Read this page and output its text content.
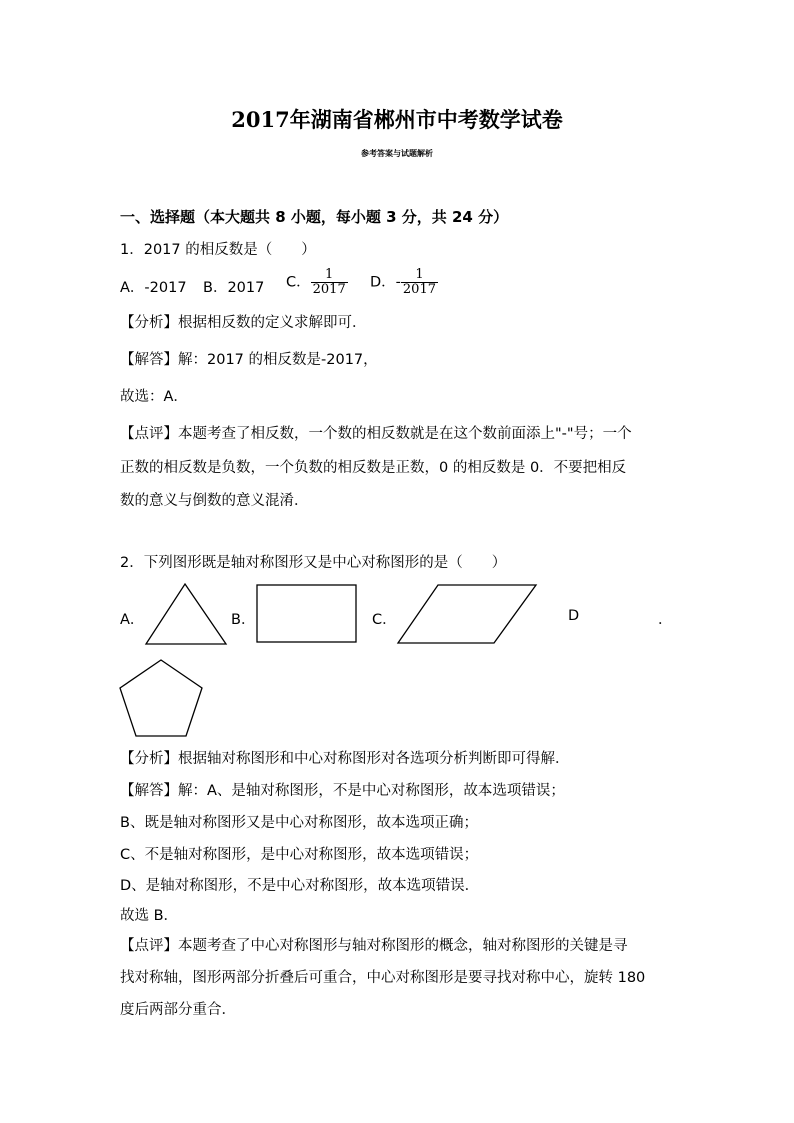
2017年湖南省郴州市中考数学试卷
参考答案与试题解析
一、选择题（本大题共 8 小题，每小题 3 分，共 24 分）
1．2017 的相反数是（　　）
A．-2017 B．2017 C． $\frac{1}{2017}$ D．- $\frac{1}{2017}$
【分析】根据相反数的定义求解即可．
【解答】解：2017 的相反数是-2017，
故选：A．
【点评】本题考查了相反数，一个数的相反数就是在这个数前面添上"-"号；一个
正数的相反数是负数，一个负数的相反数是正数，0 的相反数是 0．不要把相反
数的意义与倒数的意义混淆．
2．下列图形既是轴对称图形又是中心对称图形的是（　　）
A．	B．	C．	D	．
【分析】根据轴对称图形和中心对称图形对各选项分析判断即可得解．
【解答】解：A、是轴对称图形，不是中心对称图形，故本选项错误；
B、既是轴对称图形又是中心对称图形，故本选项正确；
C、不是轴对称图形，是中心对称图形，故本选项错误；
D、是轴对称图形，不是中心对称图形，故本选项错误．
故选 B．
【点评】本题考查了中心对称图形与轴对称图形的概念，轴对称图形的关键是寻
找对称轴，图形两部分折叠后可重合，中心对称图形是要寻找对称中心，旋转 180
度后两部分重合．
